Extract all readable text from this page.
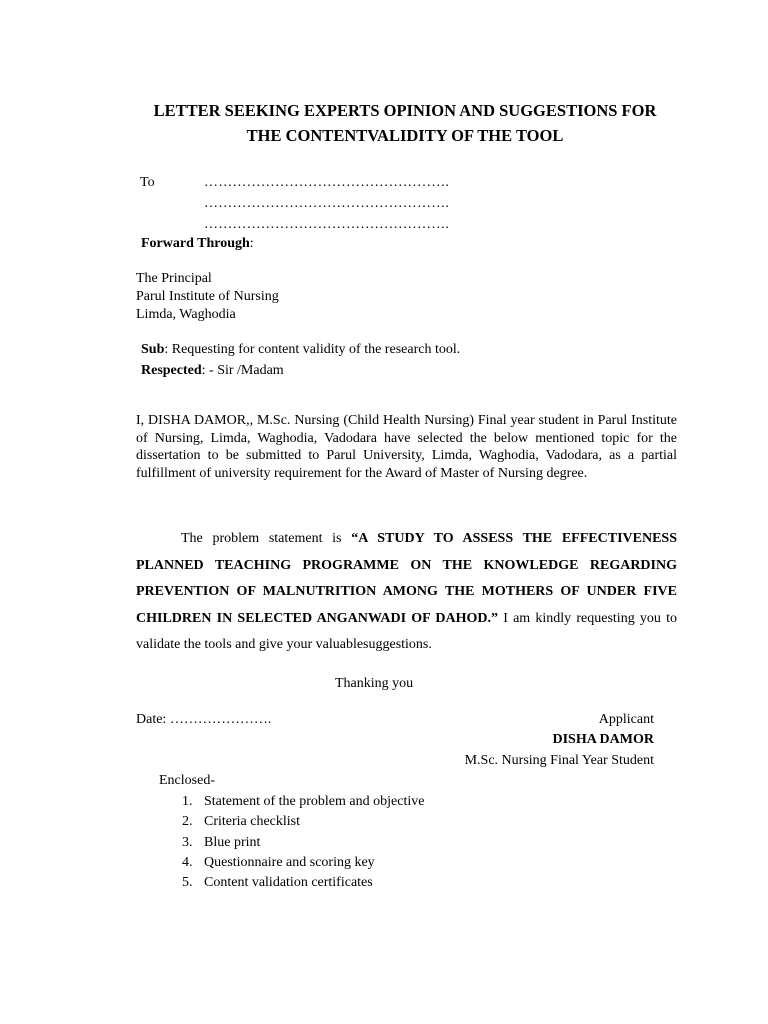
LETTER SEEKING EXPERTS OPINION AND SUGGESTIONS FOR
THE CONTENTVALIDITY OF THE TOOL
To	…………………………………………….
…………………………………………….
…………………………………………….
Forward Through:
The Principal
Parul Institute of Nursing
Limda, Waghodia
Sub: Requesting for content validity of the research tool.
Respected: - Sir /Madam

I, DISHA DAMOR,, M.Sc. Nursing (Child Health Nursing) Final year student in Parul Institute of Nursing, Limda, Waghodia, Vadodara have selected the below mentioned topic for the dissertation to be submitted to Parul University, Limda, Waghodia, Vadodara, as a partial fulfillment of university requirement for the Award of Master of Nursing degree.

The problem statement is “A STUDY TO ASSESS THE EFFECTIVENESS PLANNED TEACHING PROGRAMME ON THE KNOWLEDGE REGARDING PREVENTION OF MALNUTRITION AMONG THE MOTHERS OF UNDER FIVE CHILDREN IN SELECTED ANGANWADI OF DAHOD.” I am kindly requesting you to validate the tools and give your valuablesuggestions.

Thanking you
Date: ………………….	Applicant
DISHA DAMOR
M.Sc. Nursing Final Year Student
Enclosed-
1. Statement of the problem and objective
2. Criteria checklist
3. Blue print
4. Questionnaire and scoring key
5. Content validation certificates
